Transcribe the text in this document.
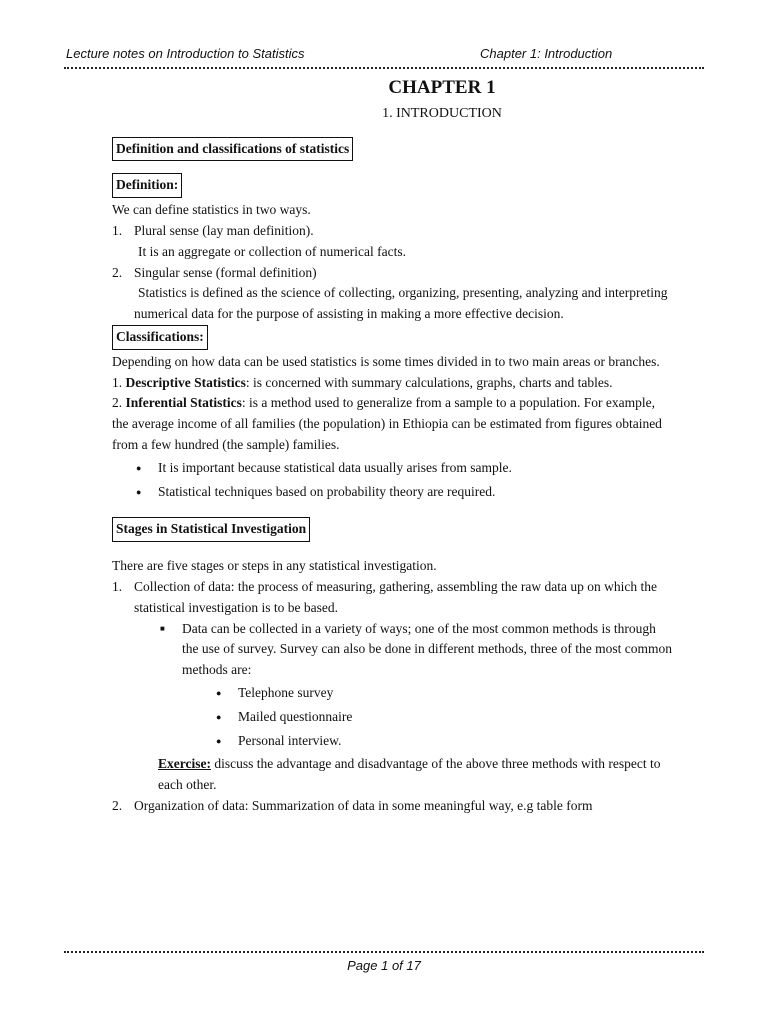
Lecture notes on Introduction to Statistics	Chapter 1: Introduction
CHAPTER 1
1. INTRODUCTION
Definition and classifications of statistics
Definition:

We can define statistics in two ways.

1. Plural sense (lay man definition).

It is an aggregate or collection of numerical facts.

2. Singular sense (formal definition)

Statistics is defined as the science of collecting, organizing, presenting, analyzing and interpreting numerical data for the purpose of assisting in making a more effective decision.

Classifications:

Depending on how data can be used statistics is some times divided in to two main areas or branches.

1. Descriptive Statistics: is concerned with summary calculations, graphs, charts and tables.

2. Inferential Statistics: is a method used to generalize from a sample to a population. For example, the average income of all families (the population) in Ethiopia can be estimated from figures obtained from a few hundred (the sample) families.

● It is important because statistical data usually arises from sample.
● Statistical techniques based on probability theory are required.
Stages in Statistical Investigation

There are five stages or steps in any statistical investigation.

1. Collection of data: the process of measuring, gathering, assembling the raw data up on which the statistical investigation is to be based.

■ Data can be collected in a variety of ways; one of the most common methods is through the use of survey. Survey can also be done in different methods, three of the most common methods are:

● Telephone survey
● Mailed questionnaire
● Personal interview.

Exercise: discuss the advantage and disadvantage of the above three methods with respect to each other.

2. Organization of data: Summarization of data in some meaningful way, e.g table form
Page 1 of 17
